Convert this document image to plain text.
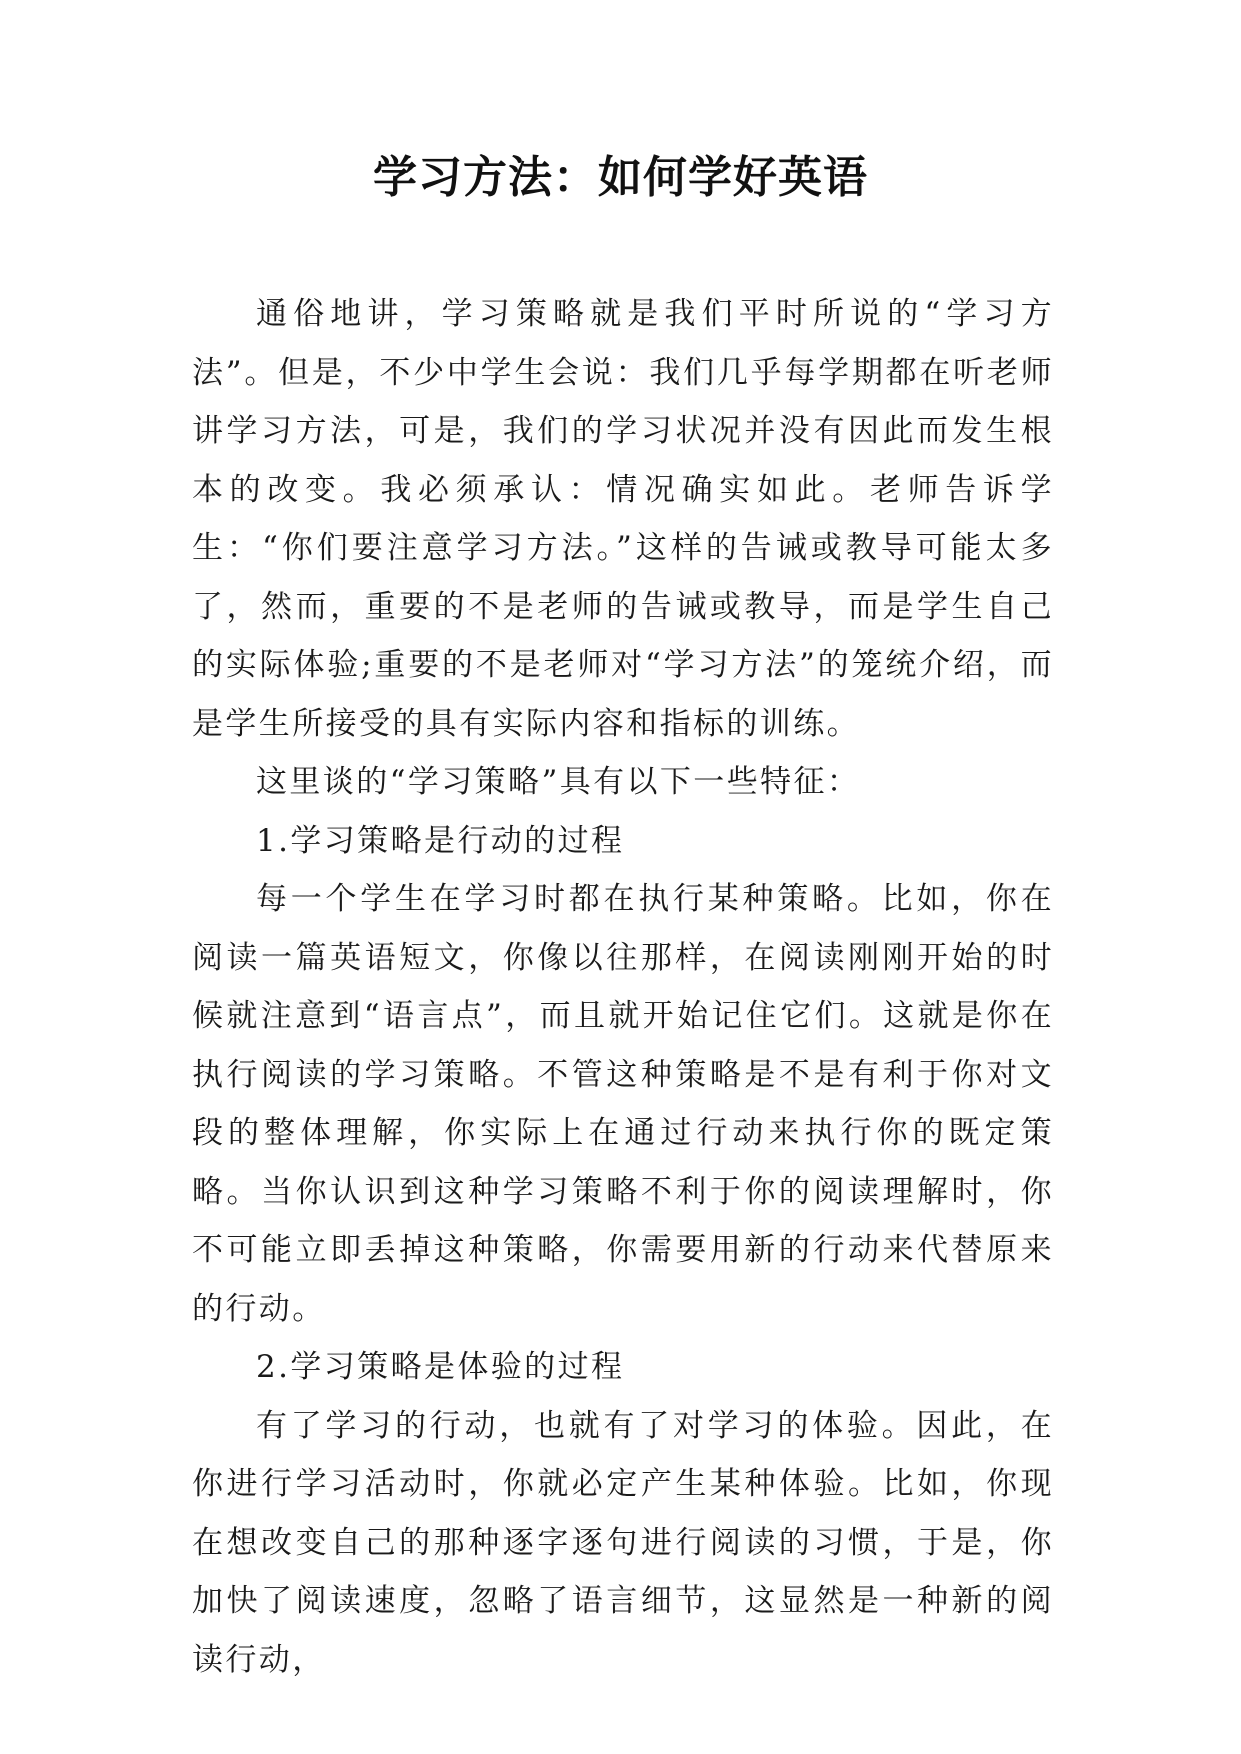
学习方法：如何学好英语

通俗地讲，学习策略就是我们平时所说的“学习方法”。但是，不少中学生会说：我们几乎每学期都在听老师讲学习方法，可是，我们的学习状况并没有因此而发生根本的改变。我必须承认：情况确实如此。老师告诉学生：“你们要注意学习方法。”这样的告诫或教导可能太多了，然而，重要的不是老师的告诫或教导，而是学生自己的实际体验;重要的不是老师对“学习方法”的笼统介绍，而是学生所接受的具有实际内容和指标的训练。

这里谈的“学习策略”具有以下一些特征：

1.学习策略是行动的过程

每一个学生在学习时都在执行某种策略。比如，你在阅读一篇英语短文，你像以往那样，在阅读刚刚开始的时候就注意到“语言点”，而且就开始记住它们。这就是你在执行阅读的学习策略。不管这种策略是不是有利于你对文段的整体理解，你实际上在通过行动来执行你的既定策略。当你认识到这种学习策略不利于你的阅读理解时，你不可能立即丢掉这种策略，你需要用新的行动来代替原来的行动。

2.学习策略是体验的过程

有了学习的行动，也就有了对学习的体验。因此，在你进行学习活动时，你就必定产生某种体验。比如，你现在想改变自己的那种逐字逐句进行阅读的习惯，于是，你加快了阅读速度，忽略了语言细节，这显然是一种新的阅读行动，
